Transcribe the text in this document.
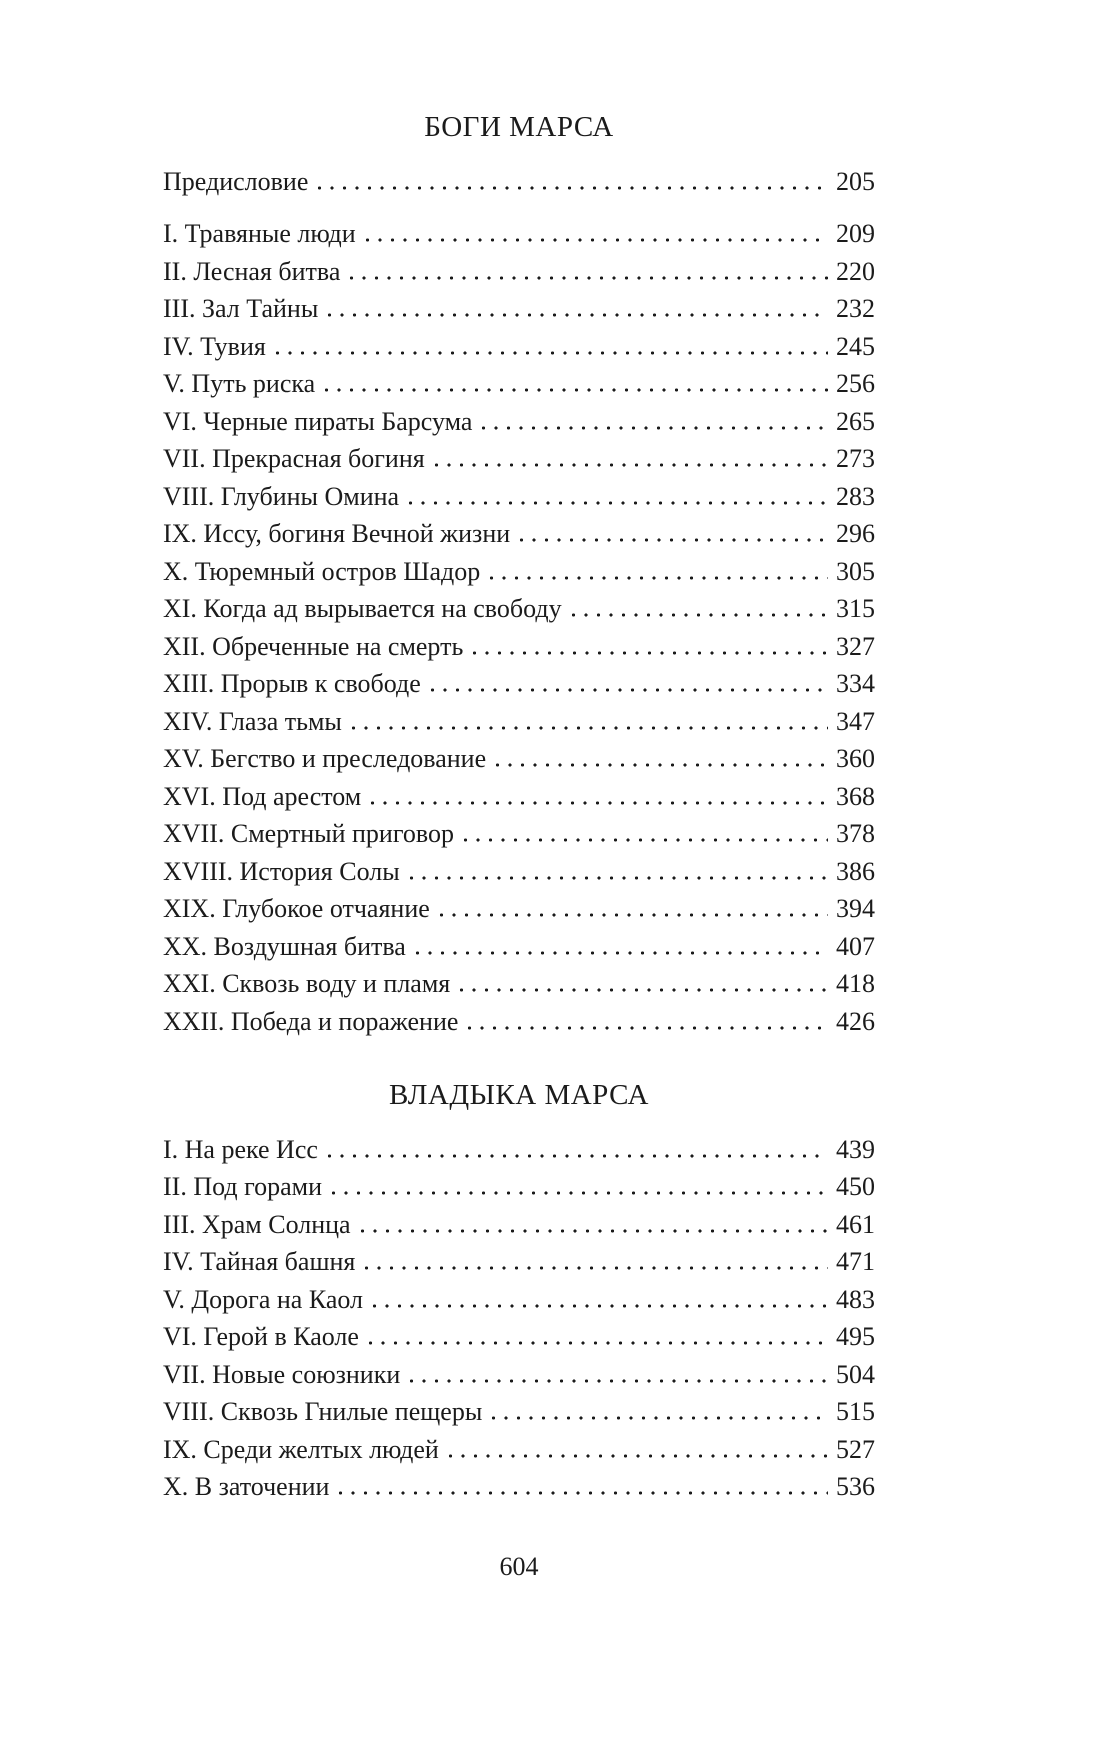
БОГИ МАРСА
Предисловие	205
I. Травяные люди	209
II. Лесная битва	220
III. Зал Тайны	232
IV. Тувия	245
V. Путь риска	256
VI. Черные пираты Барсума	265
VII. Прекрасная богиня	273
VIII. Глубины Омина	283
IX. Иссу, богиня Вечной жизни	296
X. Тюремный остров Шадор	305
XI. Когда ад вырывается на свободу	315
XII. Обреченные на смерть	327
XIII. Прорыв к свободе	334
XIV. Глаза тьмы	347
XV. Бегство и преследование	360
XVI. Под арестом	368
XVII. Смертный приговор	378
XVIII. История Солы	386
XIX. Глубокое отчаяние	394
XX. Воздушная битва	407
XXI. Сквозь воду и пламя	418
XXII. Победа и поражение	426
ВЛАДЫКА МАРСА
I. На реке Исс	439
II. Под горами	450
III. Храм Солнца	461
IV. Тайная башня	471
V. Дорога на Каол	483
VI. Герой в Каоле	495
VII. Новые союзники	504
VIII. Сквозь Гнилые пещеры	515
IX. Среди желтых людей	527
X. В заточении	536
604
